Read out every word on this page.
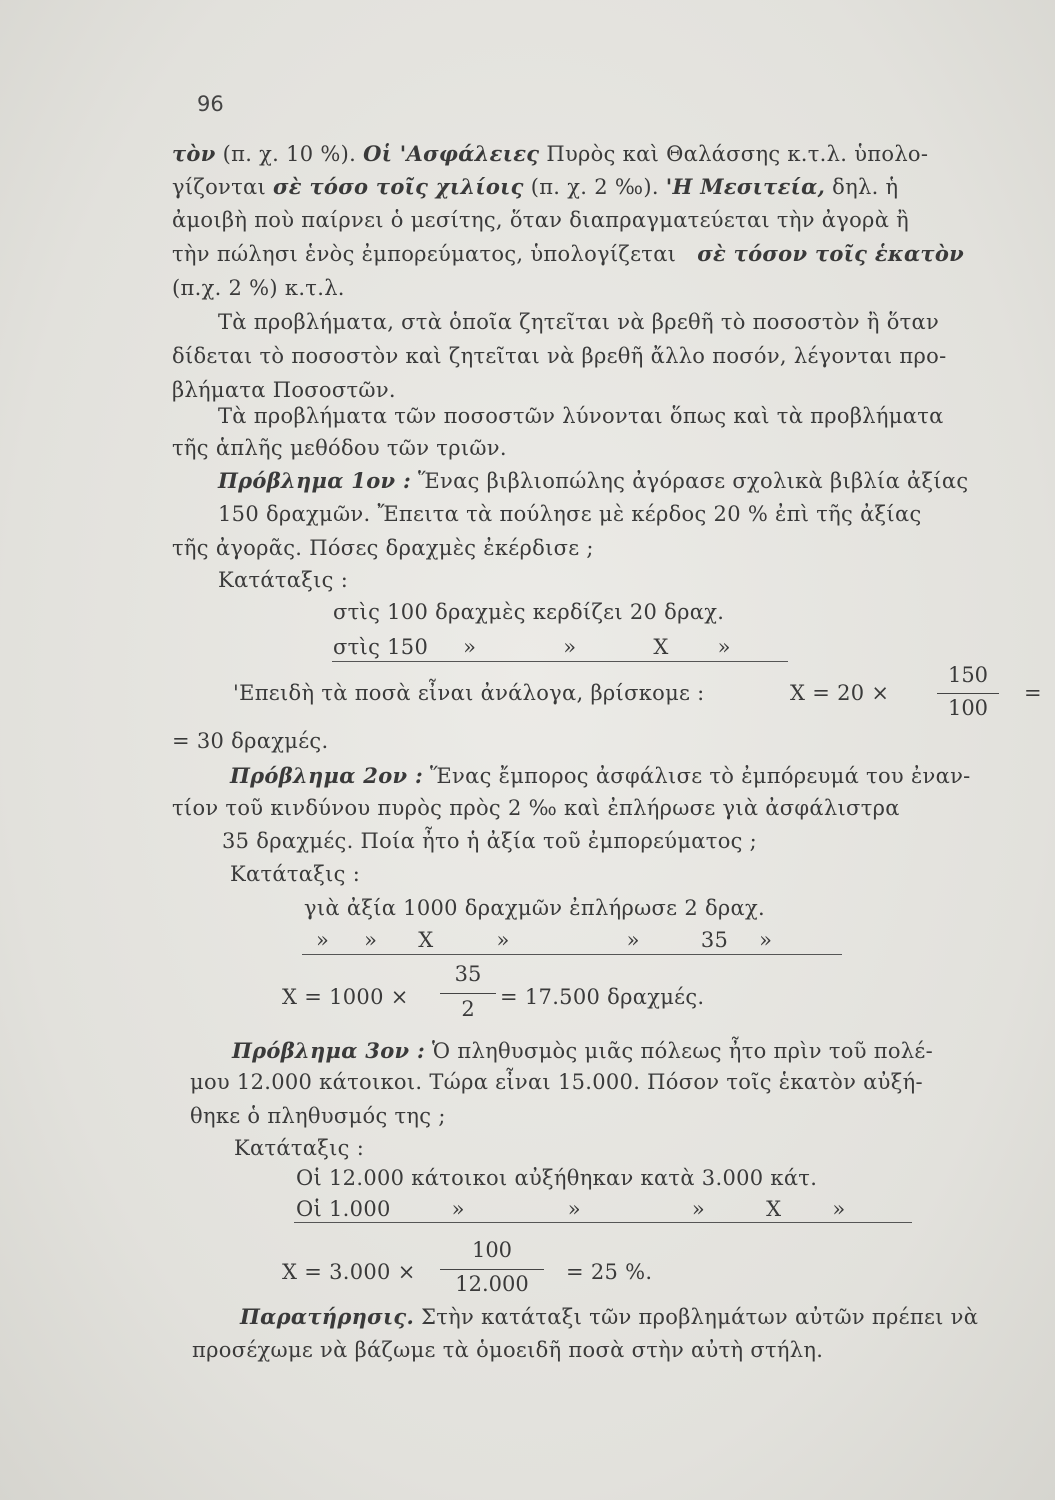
96
τὸν (π. χ. 10 %). Οἱ 'Ασφάλειες Πυρὸς καὶ Θαλάσσης κ.τ.λ. ὑπολο-
γίζονται σὲ τόσο τοῖς χιλίοις (π. χ. 2 ‰). 'Η Μεσιτεία, δηλ. ἡ
ἀμοιβὴ ποὺ παίρνει ὁ μεσίτης, ὅταν διαπραγματεύεται τὴν ἀγορὰ ἢ
τὴν πώλησι ἑνὸς ἐμπορεύματος, ὑπολογίζεται σὲ τόσον τοῖς ἑκατὸν
(π.χ. 2 %) κ.τ.λ.
Τὰ προβλήματα, στὰ ὁποῖα ζητεῖται νὰ βρεθῆ τὸ ποσοστὸν ἢ ὅταν
δίδεται τὸ ποσοστὸν καὶ ζητεῖται νὰ βρεθῆ ἄλλο ποσόν, λέγονται προ-
βλήματα Ποσοστῶν.
Τὰ προβλήματα τῶν ποσοστῶν λύνονται ὅπως καὶ τὰ προβλήματα
τῆς ἁπλῆς μεθόδου τῶν τριῶν.
Πρόβλημα 1ον : Ἕνας βιβλιοπώλης ἀγόρασε σχολικὰ βιβλία ἀξίας
150 δραχμῶν. Ἔπειτα τὰ πούλησε μὲ κέρδος 20 % ἐπὶ τῆς ἀξίας
τῆς ἀγορᾶς. Πόσες δραχμὲς ἐκέρδισε ;
Κατάταξις :
στὶς 100 δραχμὲς κερδίζει 20 δραχ.
στὶς 150 »	»	X »
'Επειδὴ τὰ ποσὰ εἶναι ἀνάλογα, βρίσκομε :	X = 20 ×
150
100
=
= 30 δραχμές.
Πρόβλημα 2ον : Ἕνας ἔμπορος ἀσφάλισε τὸ ἐμπόρευμά του ἐναν-
τίον τοῦ κινδύνου πυρὸς πρὸς 2 ‰ καὶ ἐπλήρωσε γιὰ ἀσφάλιστρα
35 δραχμές. Ποία ἦτο ἡ ἀξία τοῦ ἐμπορεύματος ;
Κατάταξις :
γιὰ ἀξία 1000 δραχμῶν ἐπλήρωσε 2 δραχ.
» » X	»	»	35 »
X = 1000 ×
35
2	= 17.500 δραχμές.
Πρόβλημα 3ον : Ὁ πληθυσμὸς μιᾶς πόλεως ἦτο πρὶν τοῦ πολέ-
μου 12.000 κάτοικοι. Τώρα εἶναι 15.000. Πόσον τοῖς ἑκατὸν αὐξή-
θηκε ὁ πληθυσμός της ;
Κατάταξις :
Οἱ 12.000 κάτοικοι αὐξήθηκαν κατὰ 3.000 κάτ.
Οἱ 1.000	»	»	»	X »
X = 3.000 ×
100
12.000	= 25 %.
Παρατήρησις. Στὴν κατάταξι τῶν προβλημάτων αὐτῶν πρέπει νὰ
προσέχωμε νὰ βάζωμε τὰ ὁμοειδῆ ποσὰ στὴν αὐτὴ στήλη.
